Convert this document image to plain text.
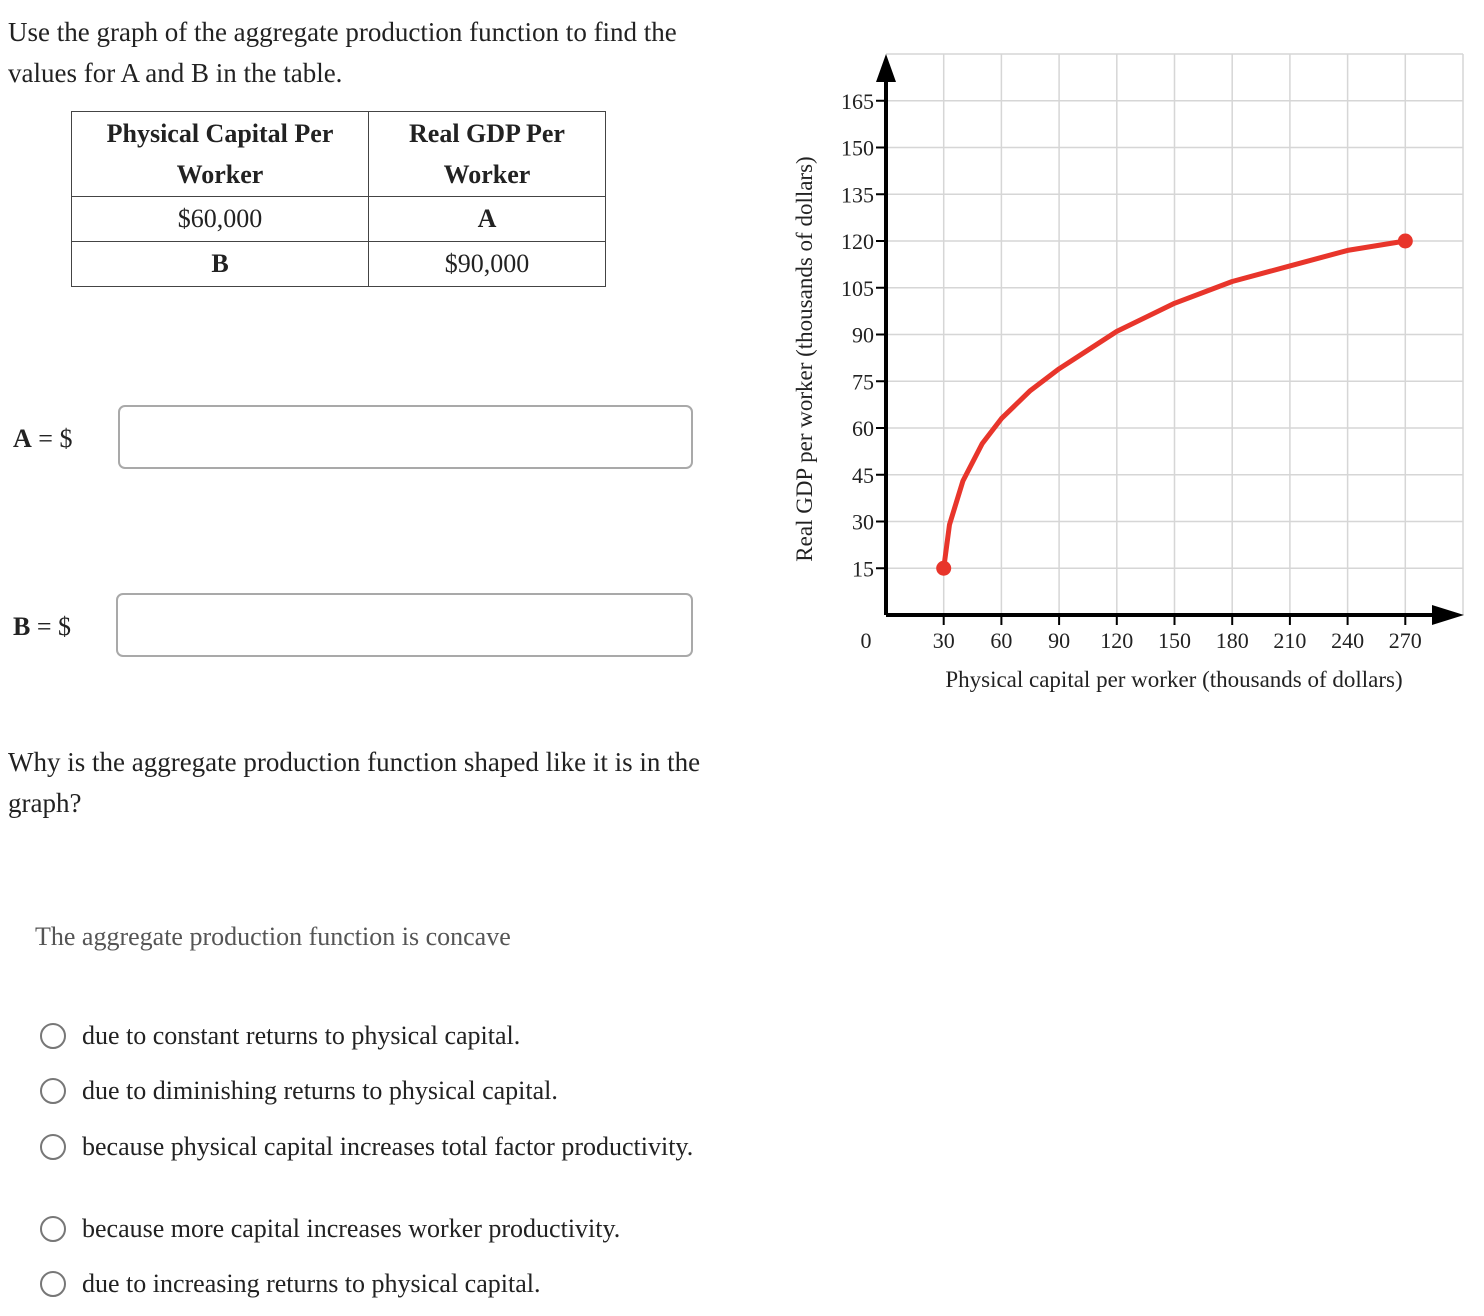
Use the graph of the aggregate production function to find the values for A and B in the table.

Physical Capital Per Worker	Real GDP Per Worker
$60,000	A
B	$90,000
A = $
B = $

Why is the aggregate production function shaped like it is in the graph?

The aggregate production function is concave
due to constant returns to physical capital.
due to diminishing returns to physical capital.
because physical capital increases total factor productivity.
because more capital increases worker productivity.
due to increasing returns to physical capital.
15
30
45
60
75
90
105
120
135
150
165
30 60 90 120 150 180 210 240 270
0
Physical capital per worker (thousands of dollars)
Real GDP per worker (thousands of dollars)
